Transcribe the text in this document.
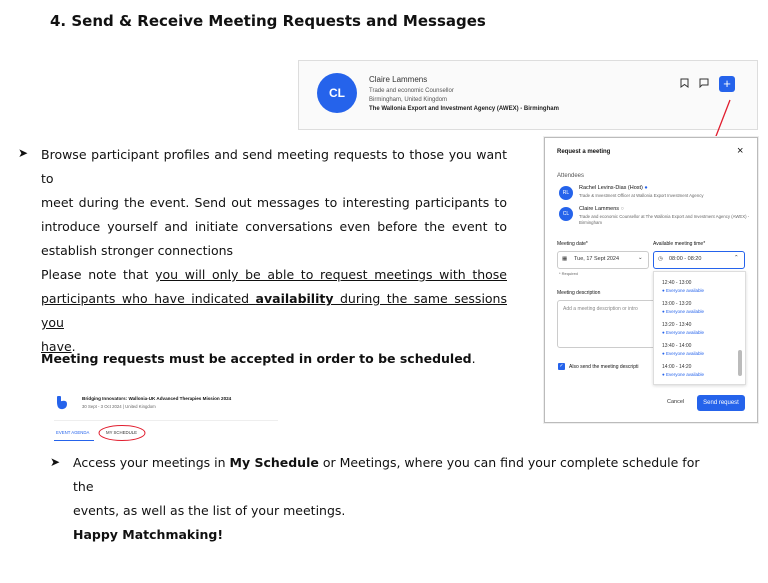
4. Send & Receive Meeting Requests and Messages
CL
Claire Lammens
Trade and economic Counsellor
Birmingham, United Kingdom
The Wallonia Export and Investment Agency (AWEX) - Birmingham
+
➤ Browse participant profiles and send meeting requests to those you want to
meet during the event. Send out messages to interesting participants to
introduce yourself and initiate conversations even before the event to
establish stronger connections
Please note that you will only be able to request meetings with those
participants who have indicated availability during the same sessions you
have.
Meeting requests must be accepted in order to be scheduled.
Request a meeting	×
Attendees
RL
Rachel Levins-Dias (Host) ●
Trade & Investment Officer at Wallonia Export Investment Agency
CL
Claire Lammens ○
Trade and economic Counsellor at The Wallonia Export and Investment Agency (AWEX) - Birmingham
Meeting date*
▦ Tue, 17 Sept 2024	⌄
* Required
Available meeting time*
◷ 08:00 - 08:20	⌃
Meeting description
Add a meeting description or intro
✓ Also send the meeting descripti
12:40 - 13:00
● Everyone available
13:00 - 13:20
● Everyone available
13:20 - 13:40
● Everyone available
13:40 - 14:00
● Everyone available
14:00 - 14:20
● Everyone available
Cancel	Send request
Bridging Innovators: Wallonia-UK Advanced Therapies Mission 2024
30 Sept - 3 Oct 2024 | United Kingdom
EVENT AGENDA	MY SCHEDULE
➤ Access your meetings in My Schedule or Meetings, where you can find your complete schedule for the
events, as well as the list of your meetings.
Happy Matchmaking!
